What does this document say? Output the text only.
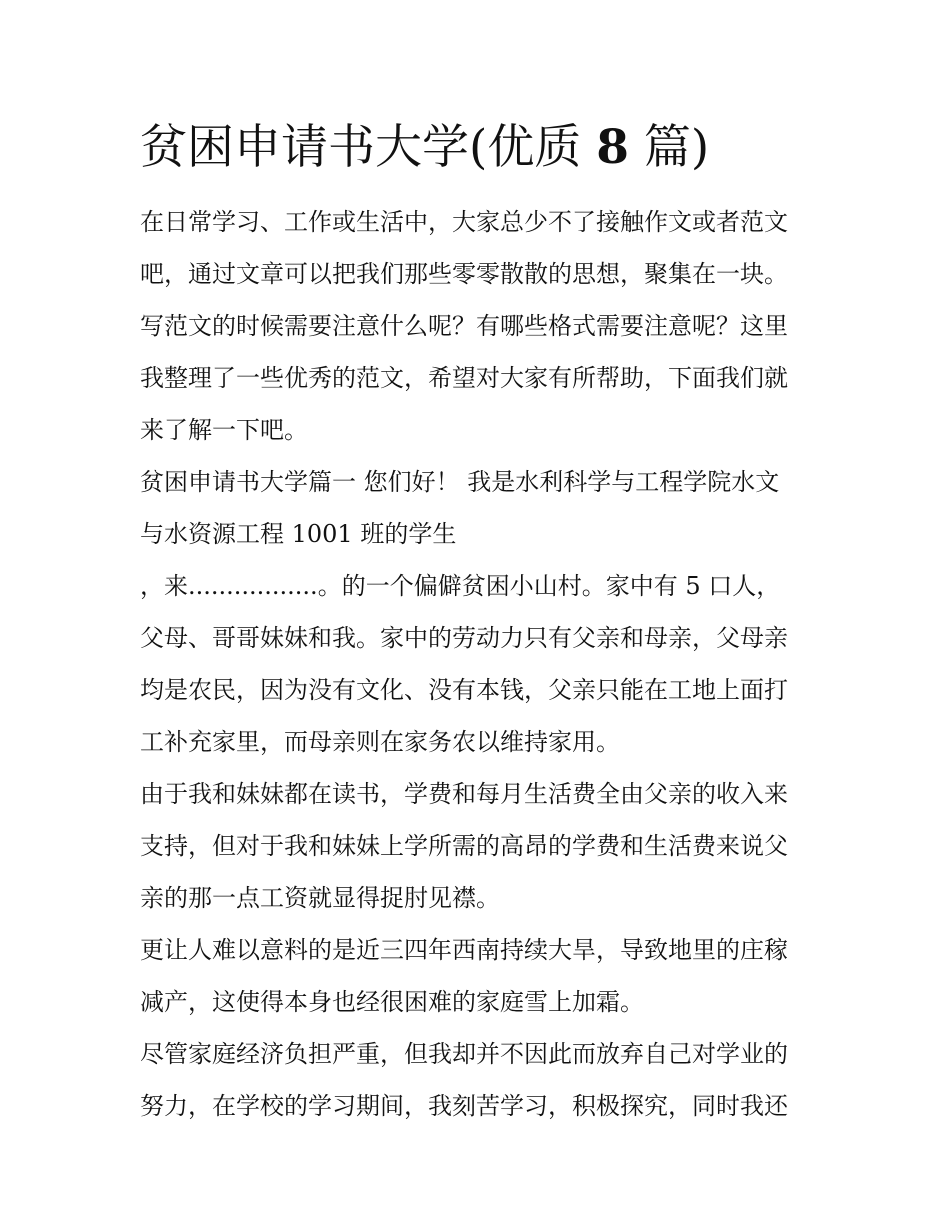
贫困申请书大学(优质 8 篇)
在日常学习、工作或生活中，大家总少不了接触作文或者范文
吧，通过文章可以把我们那些零零散散的思想，聚集在一块。
写范文的时候需要注意什么呢？有哪些格式需要注意呢？这里
我整理了一些优秀的范文，希望对大家有所帮助，下面我们就
来了解一下吧。
贫困申请书大学篇一 您们好！ 我是水利科学与工程学院水文
与水资源工程 1001 班的学生
，来.................。的一个偏僻贫困小山村。家中有 5 口人，
父母、哥哥妹妹和我。家中的劳动力只有父亲和母亲，父母亲
均是农民，因为没有文化、没有本钱，父亲只能在工地上面打
工补充家里，而母亲则在家务农以维持家用。
由于我和妹妹都在读书，学费和每月生活费全由父亲的收入来
支持，但对于我和妹妹上学所需的高昂的学费和生活费来说父
亲的那一点工资就显得捉肘见襟。
更让人难以意料的是近三四年西南持续大旱，导致地里的庄稼
减产，这使得本身也经很困难的家庭雪上加霜。
尽管家庭经济负担严重，但我却并不因此而放弃自己对学业的
努力，在学校的学习期间，我刻苦学习，积极探究，同时我还
